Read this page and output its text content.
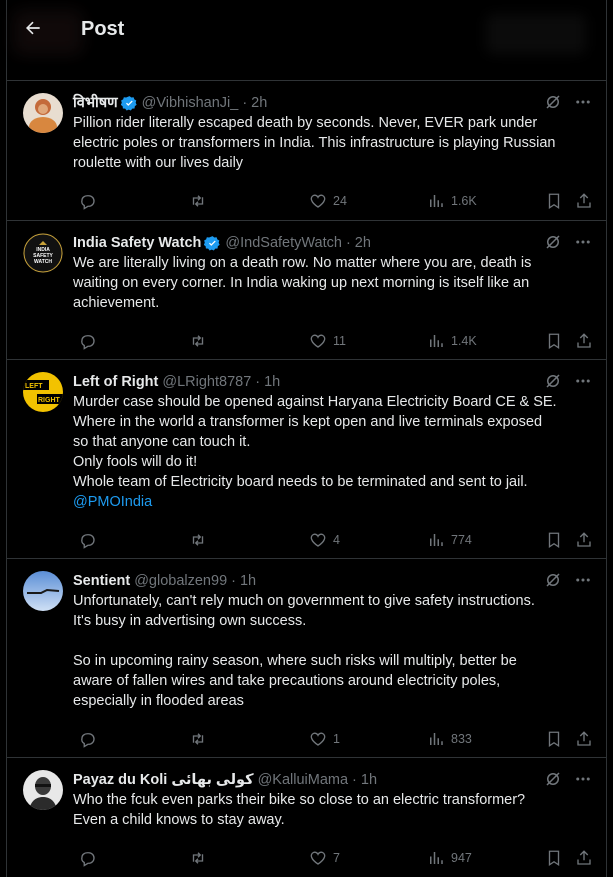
Post
विभीषण @VibhishanJi_ · 2h
Pillion rider literally escaped death by seconds. Never, EVER park under
electric poles or transformers in India. This infrastructure is playing Russian
roulette with our lives daily
24	1.6K
INDIA
SAFETY
WATCH
India Safety Watch @IndSafetyWatch · 2h
We are literally living on a death row. No matter where you are, death is
waiting on every corner. In India waking up next morning is itself like an
achievement.
11	1.4K
LEFT
RIGHT
Left of Right @LRight8787 · 1h
Murder case should be opened against Haryana Electricity Board CE & SE.
Where in the world a transformer is kept open and live terminals exposed
so that anyone can touch it.
Only fools will do it!
Whole team of Electricity board needs to be terminated and sent to jail.
@PMOIndia
4	774
Sentient @globalzen99 · 1h
Unfortunately, can't rely much on government to give safety instructions.
It's busy in advertising own success.

So in upcoming rainy season, where such risks will multiply, better be
aware of fallen wires and take precautions around electricity poles,
especially in flooded areas
1	833
Payaz du Koli کولی بھائی @KalluiMama · 1h
Who the fcuk even parks their bike so close to an electric transformer?
Even a child knows to stay away.
7	947
